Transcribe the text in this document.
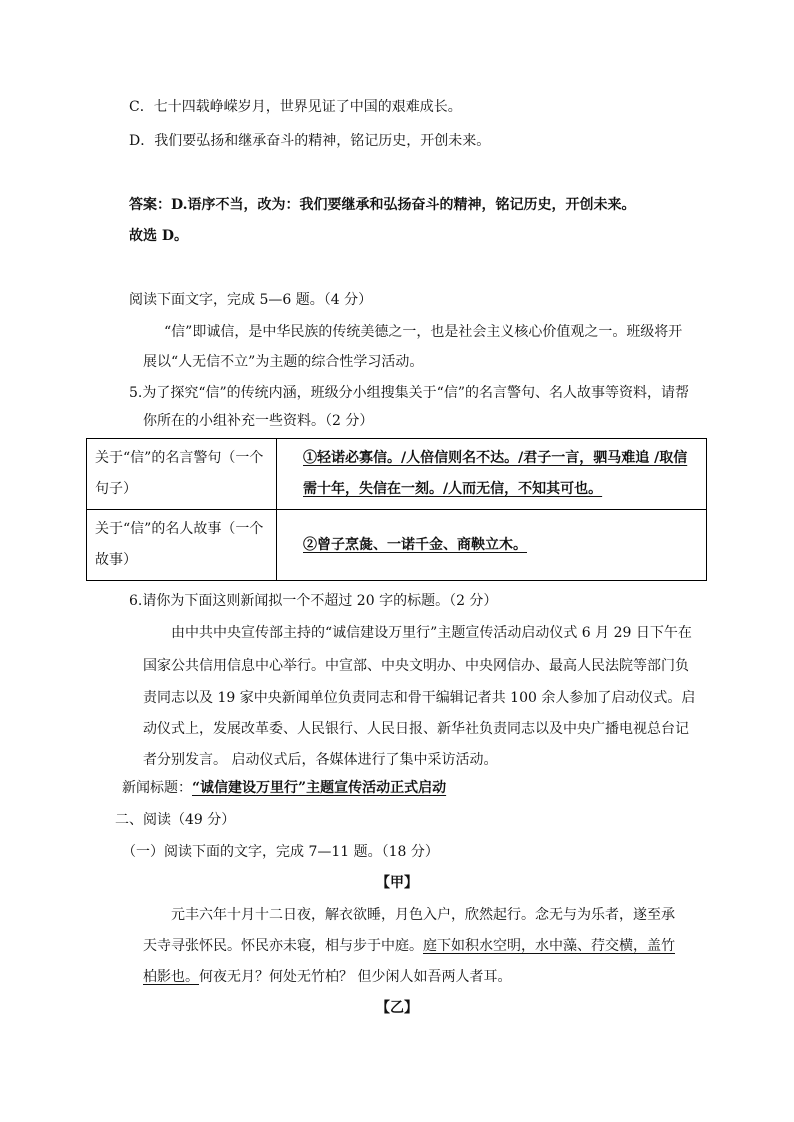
C．七十四载峥嵘岁月，世界见证了中国的艰难成长。
D．我们要弘扬和继承奋斗的精神，铭记历史，开创未来。
答案：D.语序不当，改为：我们要继承和弘扬奋斗的精神，铭记历史，开创未来。
故选 D。
阅读下面文字，完成 5—6 题。（4 分）
“信”即诚信，是中华民族的传统美德之一，也是社会主义核心价值观之一。班级将开
展以“人无信不立”为主题的综合性学习活动。
5.为了探究“信”的传统内涵，班级分小组搜集关于“信”的名言警句、名人故事等资料，请帮
你所在的小组补充一些资料。（2 分）
关于“信”的名言警句（一个句子）	①轻诺必寡信。/人倍信则名不达。/君子一言，驷马难追 /取信需十年，失信在一刻。/人而无信，不知其可也。
关于“信”的名人故事（一个故事）	②曾子烹彘、一诺千金、商鞅立木。
6.请你为下面这则新闻拟一个不超过 20 字的标题。（2 分）
由中共中央宣传部主持的“诚信建设万里行”主题宣传活动启动仪式 6 月 29 日下午在
国家公共信用信息中心举行。中宣部、中央文明办、中央网信办、最高人民法院等部门负
责同志以及 19 家中央新闻单位负责同志和骨干编辑记者共 100 余人参加了启动仪式。启
动仪式上，发展改革委、人民银行、人民日报、新华社负责同志以及中央广播电视总台记
者分别发言。 启动仪式后，各媒体进行了集中采访活动。
新闻标题：“诚信建设万里行”主题宣传活动正式启动
二、阅读（49 分）
（一）阅读下面的文字，完成 7—11 题。（18 分）
【甲】
元丰六年十月十二日夜，解衣欲睡，月色入户，欣然起行。念无与为乐者，遂至承
天寺寻张怀民。怀民亦未寝，相与步于中庭。庭下如积水空明，水中藻、荇交横，盖竹
柏影也。何夜无月？何处无竹柏？ 但少闲人如吾两人者耳。
【乙】
